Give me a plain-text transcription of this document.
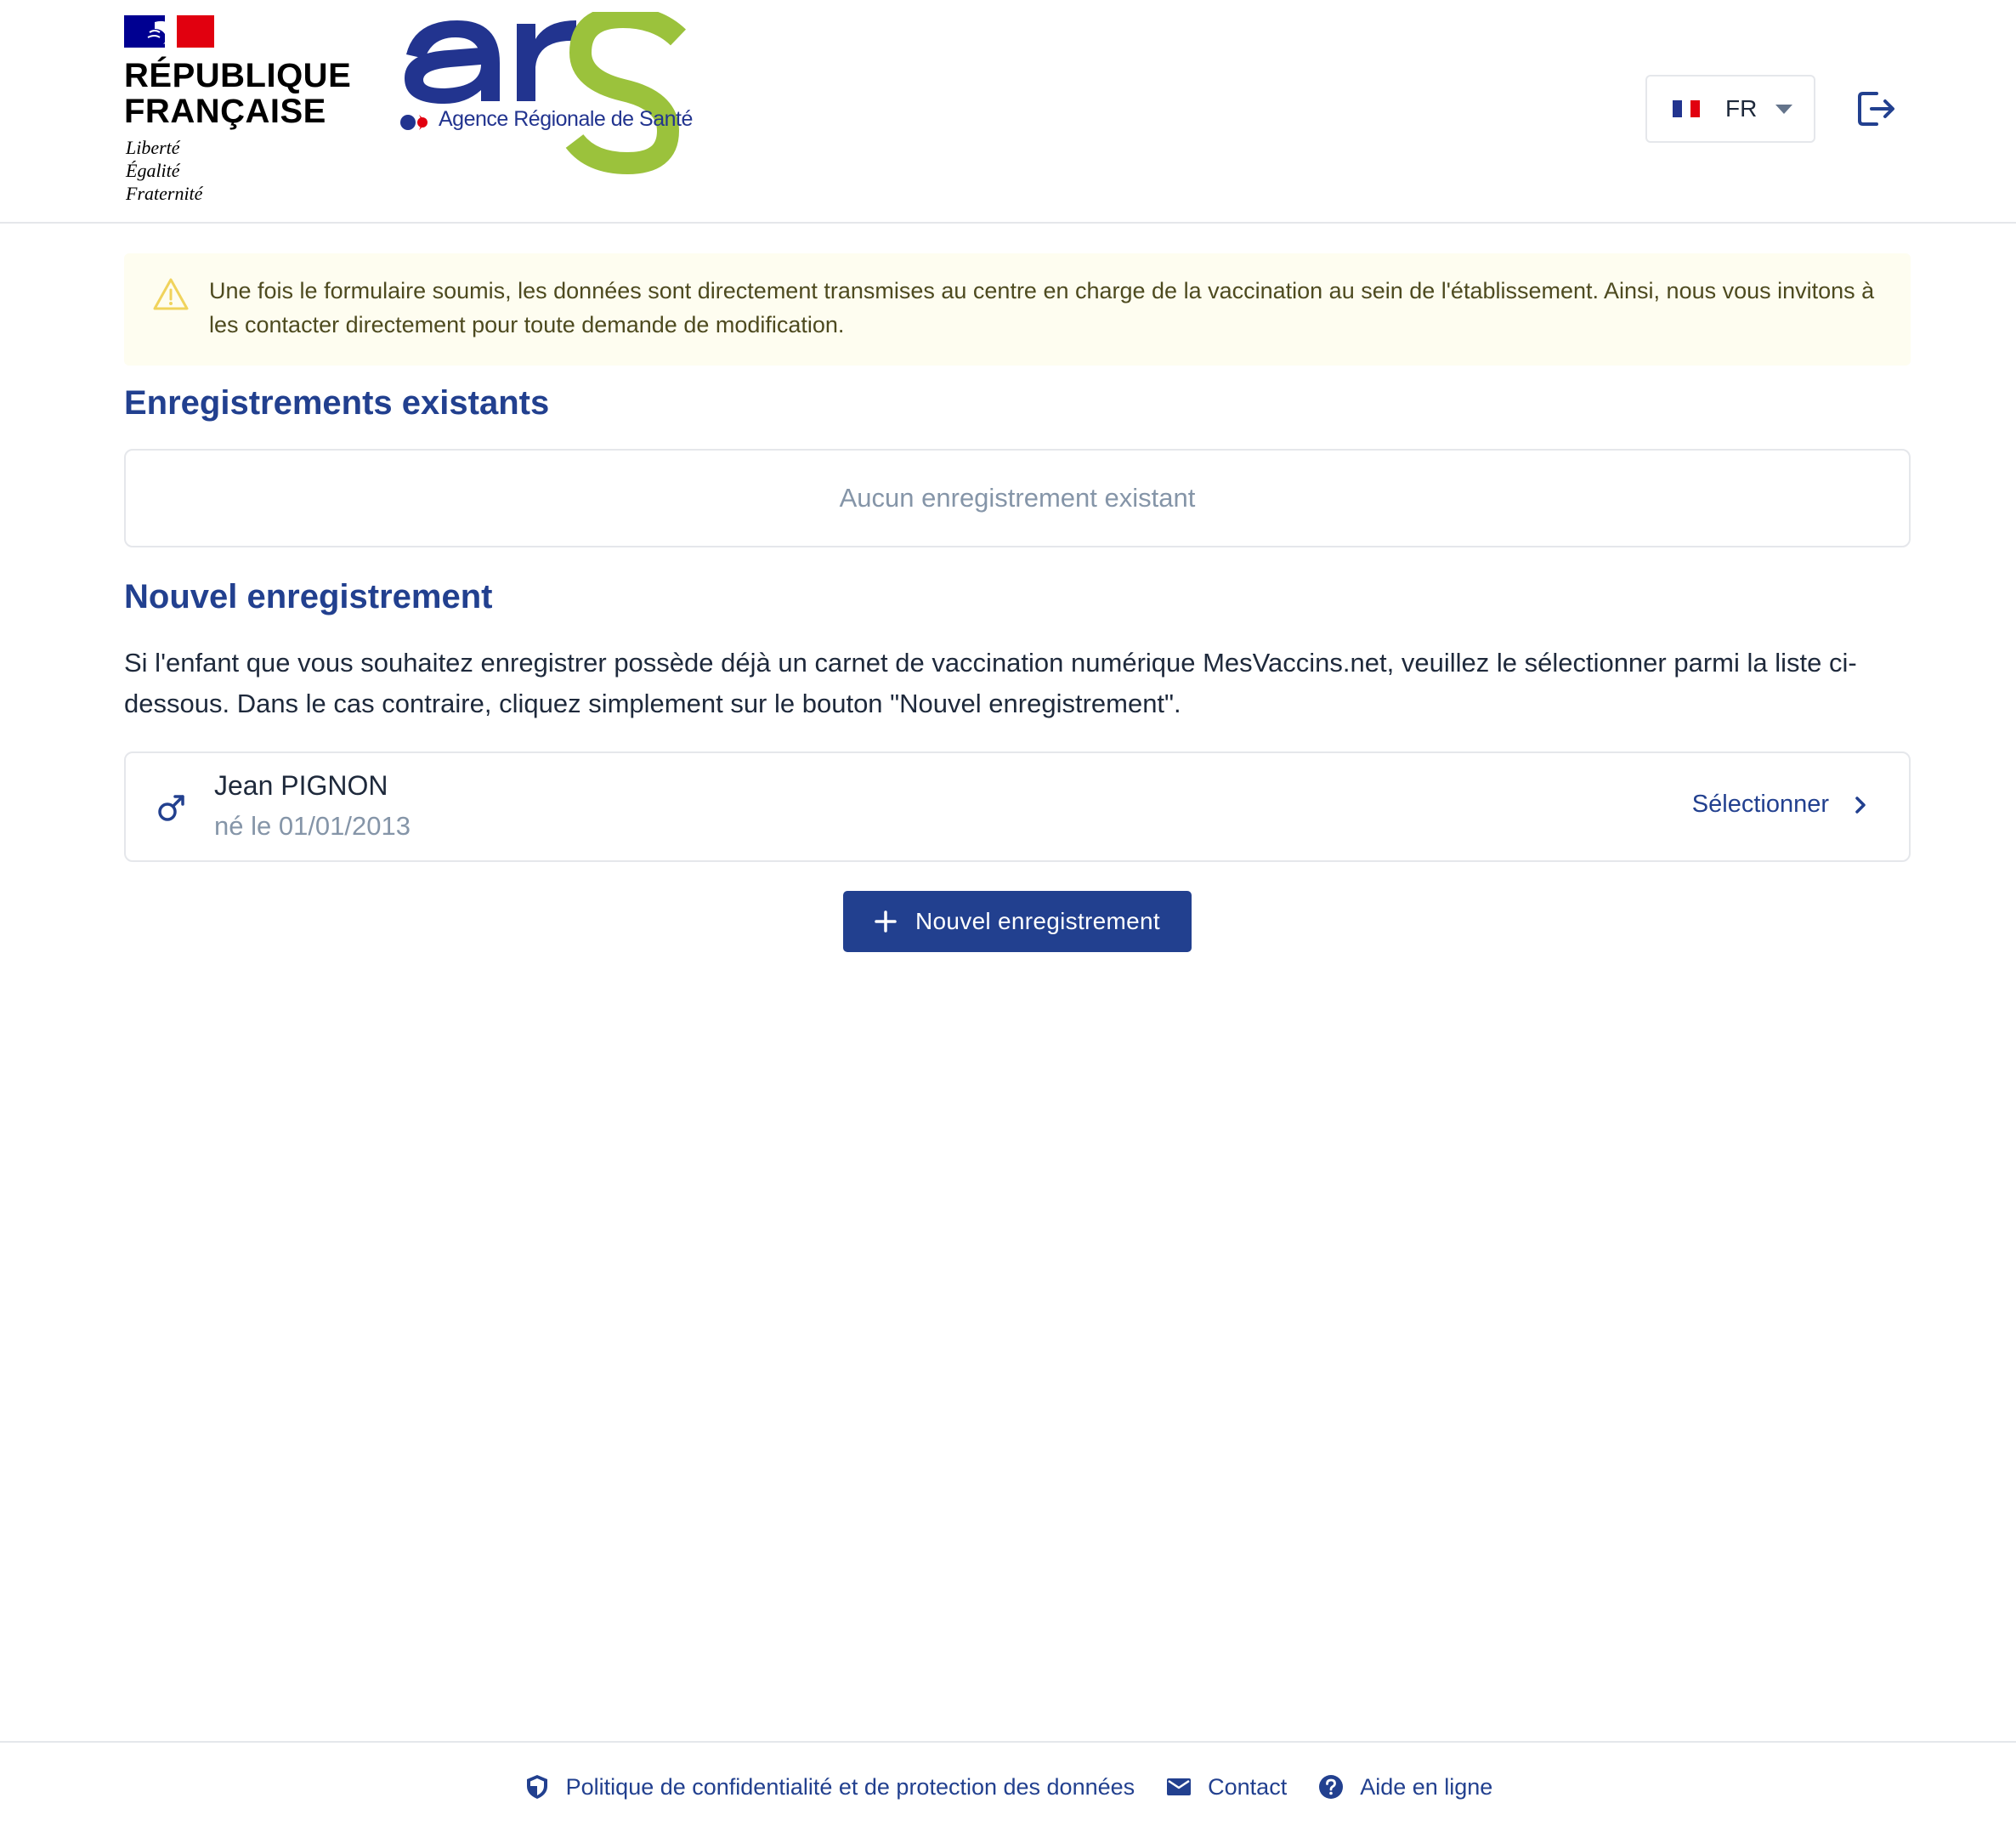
RÉPUBLIQUE
FRANÇAISE
Liberté
Égalité
Fraternité
Agence Régionale de Santé	FR
Une fois le formulaire soumis, les données sont directement transmises au centre en charge de la vaccination au sein de l'établissement. Ainsi, nous vous invitons à les contacter directement pour toute demande de modification.
Enregistrements existants
Aucun enregistrement existant
Nouvel enregistrement
Si l'enfant que vous souhaitez enregistrer possède déjà un carnet de vaccination numérique MesVaccins.net, veuillez le sélectionner parmi la liste ci-dessous. Dans le cas contraire, cliquez simplement sur le bouton "Nouvel enregistrement".
Jean PIGNON
né le 01/01/2013
Sélectionner
Nouvel enregistrement
Politique de confidentialité et de protection des données	Contact	Aide en ligne
